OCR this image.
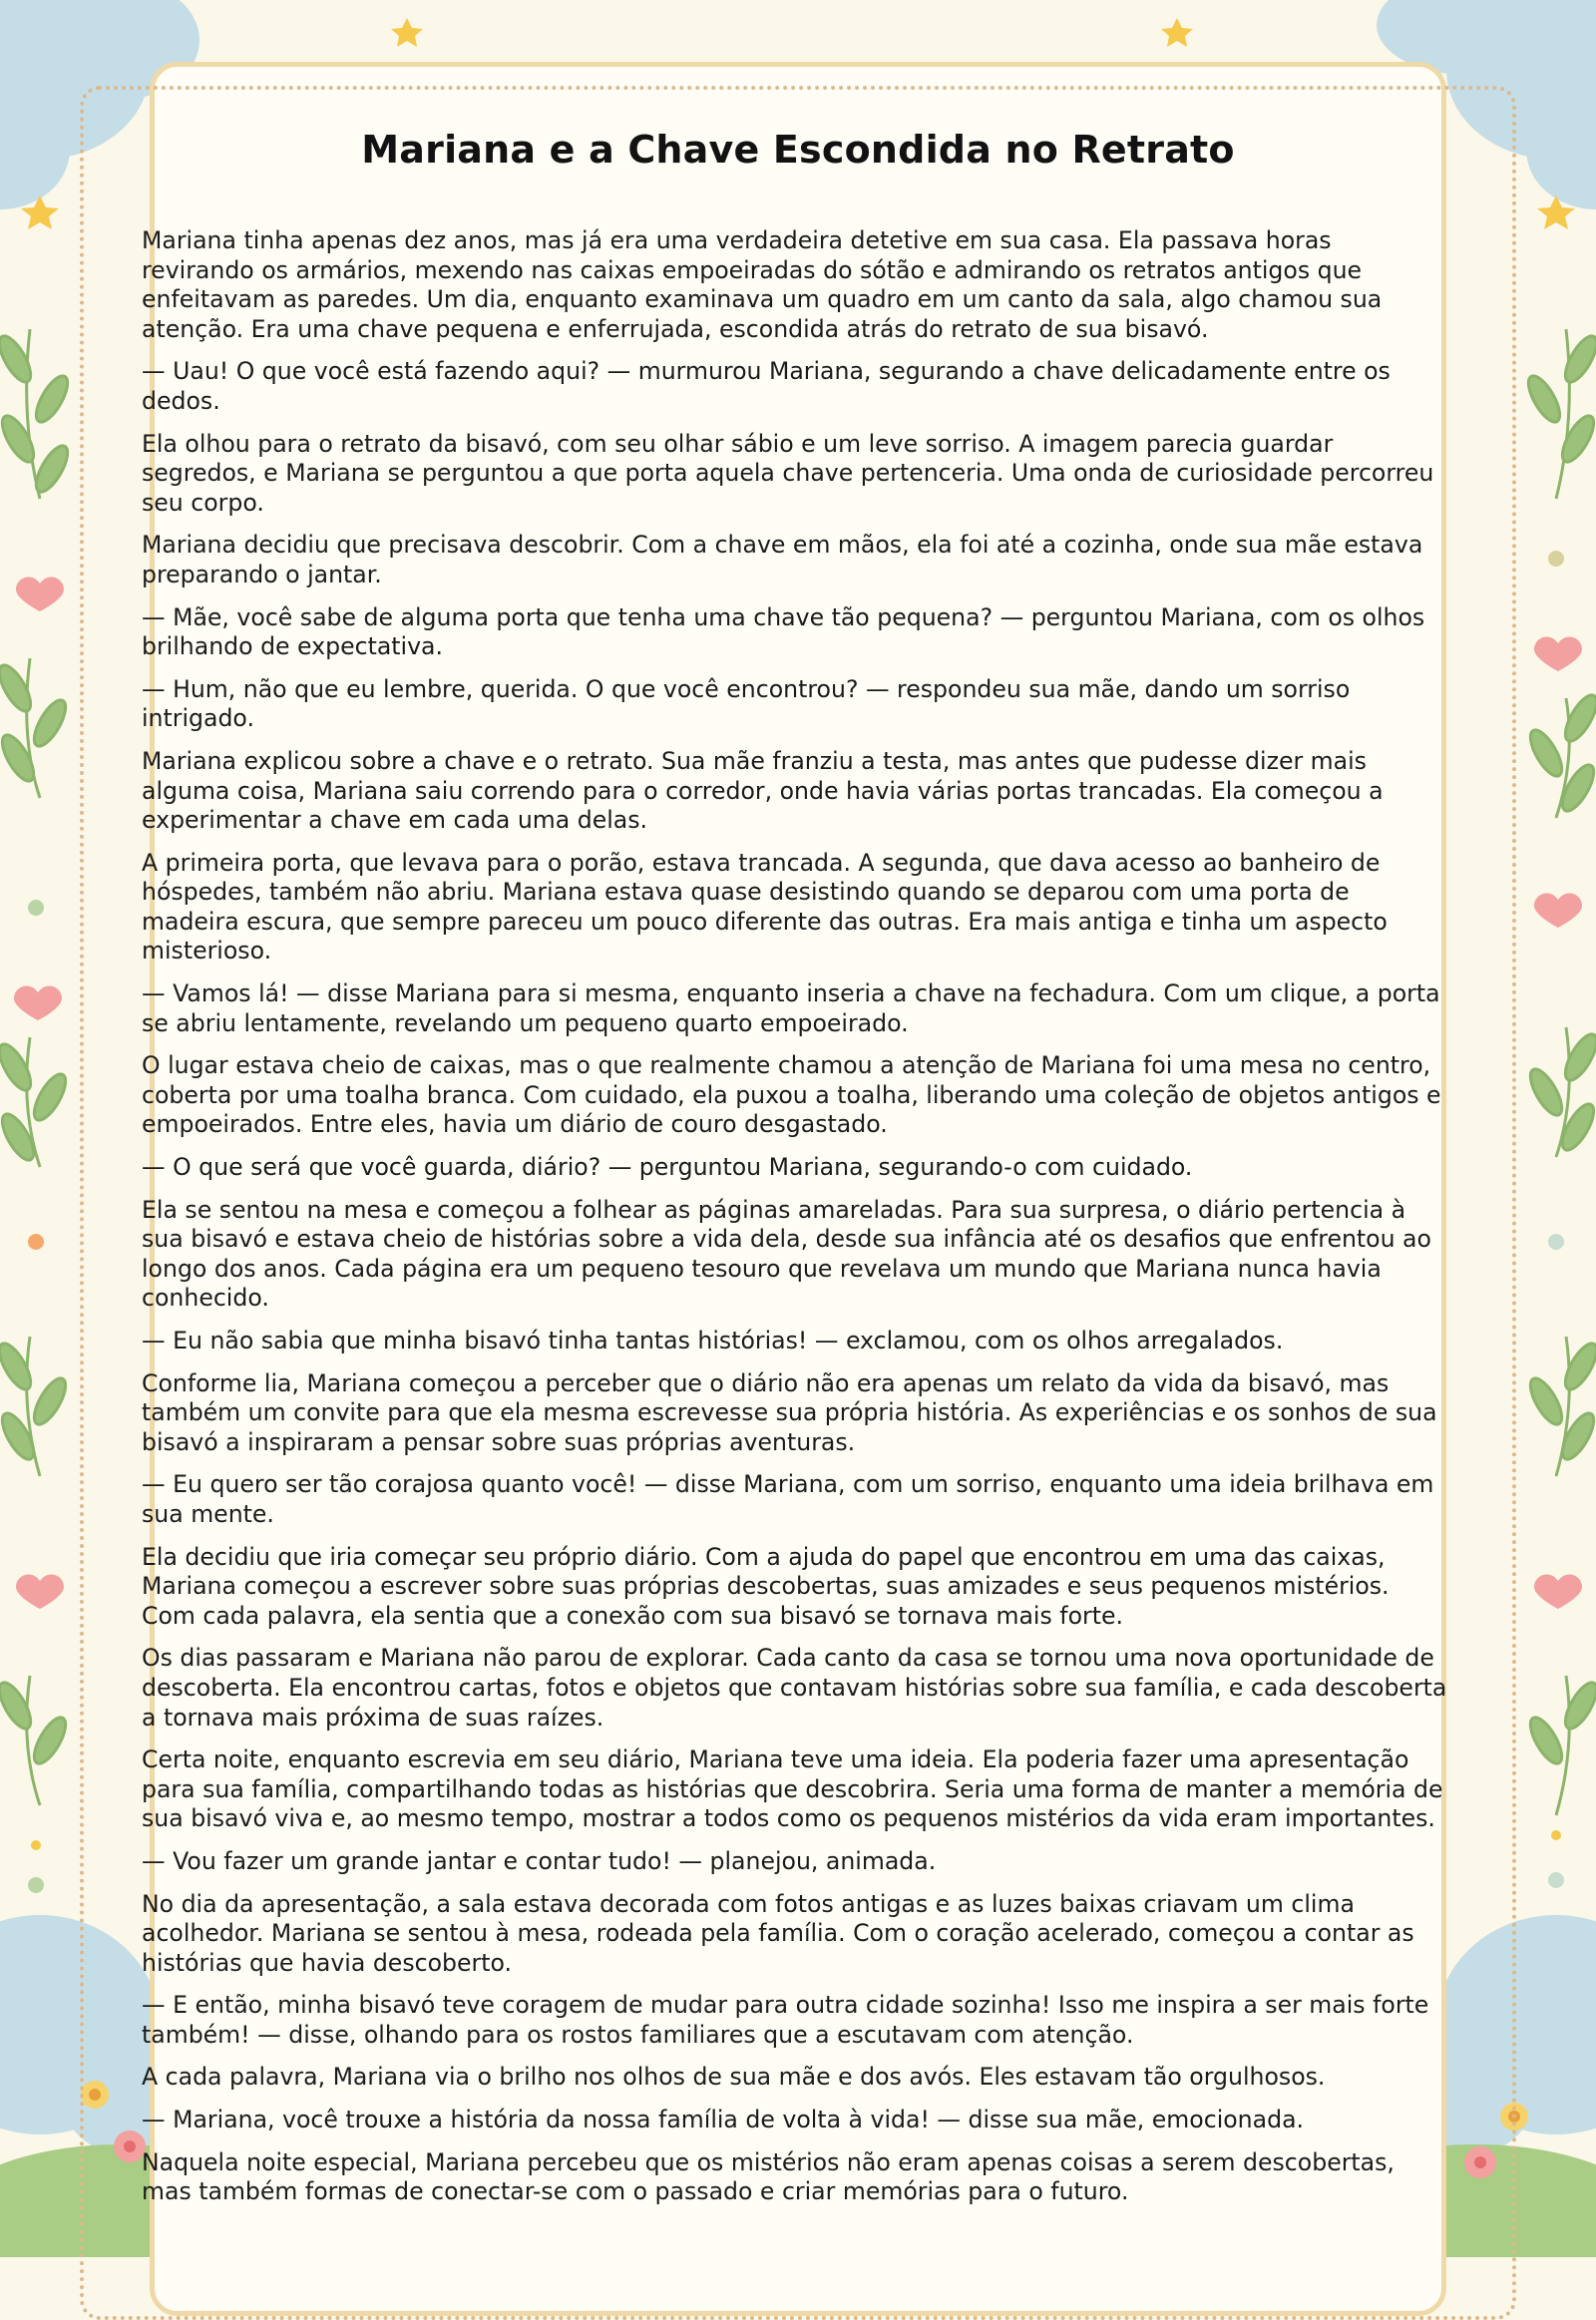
Mariana e a Chave Escondida no Retrato

Mariana tinha apenas dez anos, mas já era uma verdadeira detetive em sua casa. Ela passava horas revirando os armários, mexendo nas caixas empoeiradas do sótão e admirando os retratos antigos que enfeitavam as paredes. Um dia, enquanto examinava um quadro em um canto da sala, algo chamou sua atenção. Era uma chave pequena e enferrujada, escondida atrás do retrato de sua bisavó.

— Uau! O que você está fazendo aqui? — murmurou Mariana, segurando a chave delicadamente entre os dedos.

Ela olhou para o retrato da bisavó, com seu olhar sábio e um leve sorriso. A imagem parecia guardar segredos, e Mariana se perguntou a que porta aquela chave pertenceria. Uma onda de curiosidade percorreu seu corpo.

Mariana decidiu que precisava descobrir. Com a chave em mãos, ela foi até a cozinha, onde sua mãe estava preparando o jantar.

— Mãe, você sabe de alguma porta que tenha uma chave tão pequena? — perguntou Mariana, com os olhos brilhando de expectativa.

— Hum, não que eu lembre, querida. O que você encontrou? — respondeu sua mãe, dando um sorriso intrigado.

Mariana explicou sobre a chave e o retrato. Sua mãe franziu a testa, mas antes que pudesse dizer mais alguma coisa, Mariana saiu correndo para o corredor, onde havia várias portas trancadas. Ela começou a experimentar a chave em cada uma delas.

A primeira porta, que levava para o porão, estava trancada. A segunda, que dava acesso ao banheiro de hóspedes, também não abriu. Mariana estava quase desistindo quando se deparou com uma porta de madeira escura, que sempre pareceu um pouco diferente das outras. Era mais antiga e tinha um aspecto misterioso.

— Vamos lá! — disse Mariana para si mesma, enquanto inseria a chave na fechadura. Com um clique, a porta se abriu lentamente, revelando um pequeno quarto empoeirado.

O lugar estava cheio de caixas, mas o que realmente chamou a atenção de Mariana foi uma mesa no centro, coberta por uma toalha branca. Com cuidado, ela puxou a toalha, liberando uma coleção de objetos antigos e empoeirados. Entre eles, havia um diário de couro desgastado.

— O que será que você guarda, diário? — perguntou Mariana, segurando-o com cuidado.

Ela se sentou na mesa e começou a folhear as páginas amareladas. Para sua surpresa, o diário pertencia à sua bisavó e estava cheio de histórias sobre a vida dela, desde sua infância até os desafios que enfrentou ao longo dos anos. Cada página era um pequeno tesouro que revelava um mundo que Mariana nunca havia conhecido.

— Eu não sabia que minha bisavó tinha tantas histórias! — exclamou, com os olhos arregalados.

Conforme lia, Mariana começou a perceber que o diário não era apenas um relato da vida da bisavó, mas também um convite para que ela mesma escrevesse sua própria história. As experiências e os sonhos de sua bisavó a inspiraram a pensar sobre suas próprias aventuras.

— Eu quero ser tão corajosa quanto você! — disse Mariana, com um sorriso, enquanto uma ideia brilhava em sua mente.

Ela decidiu que iria começar seu próprio diário. Com a ajuda do papel que encontrou em uma das caixas, Mariana começou a escrever sobre suas próprias descobertas, suas amizades e seus pequenos mistérios. Com cada palavra, ela sentia que a conexão com sua bisavó se tornava mais forte.

Os dias passaram e Mariana não parou de explorar. Cada canto da casa se tornou uma nova oportunidade de descoberta. Ela encontrou cartas, fotos e objetos que contavam histórias sobre sua família, e cada descoberta a tornava mais próxima de suas raízes.

Certa noite, enquanto escrevia em seu diário, Mariana teve uma ideia. Ela poderia fazer uma apresentação para sua família, compartilhando todas as histórias que descobrira. Seria uma forma de manter a memória de sua bisavó viva e, ao mesmo tempo, mostrar a todos como os pequenos mistérios da vida eram importantes.

— Vou fazer um grande jantar e contar tudo! — planejou, animada.

No dia da apresentação, a sala estava decorada com fotos antigas e as luzes baixas criavam um clima acolhedor. Mariana se sentou à mesa, rodeada pela família. Com o coração acelerado, começou a contar as histórias que havia descoberto.

— E então, minha bisavó teve coragem de mudar para outra cidade sozinha! Isso me inspira a ser mais forte também! — disse, olhando para os rostos familiares que a escutavam com atenção.

A cada palavra, Mariana via o brilho nos olhos de sua mãe e dos avós. Eles estavam tão orgulhosos.

— Mariana, você trouxe a história da nossa família de volta à vida! — disse sua mãe, emocionada.

Naquela noite especial, Mariana percebeu que os mistérios não eram apenas coisas a serem descobertas, mas também formas de conectar-se com o passado e criar memórias para o futuro.
